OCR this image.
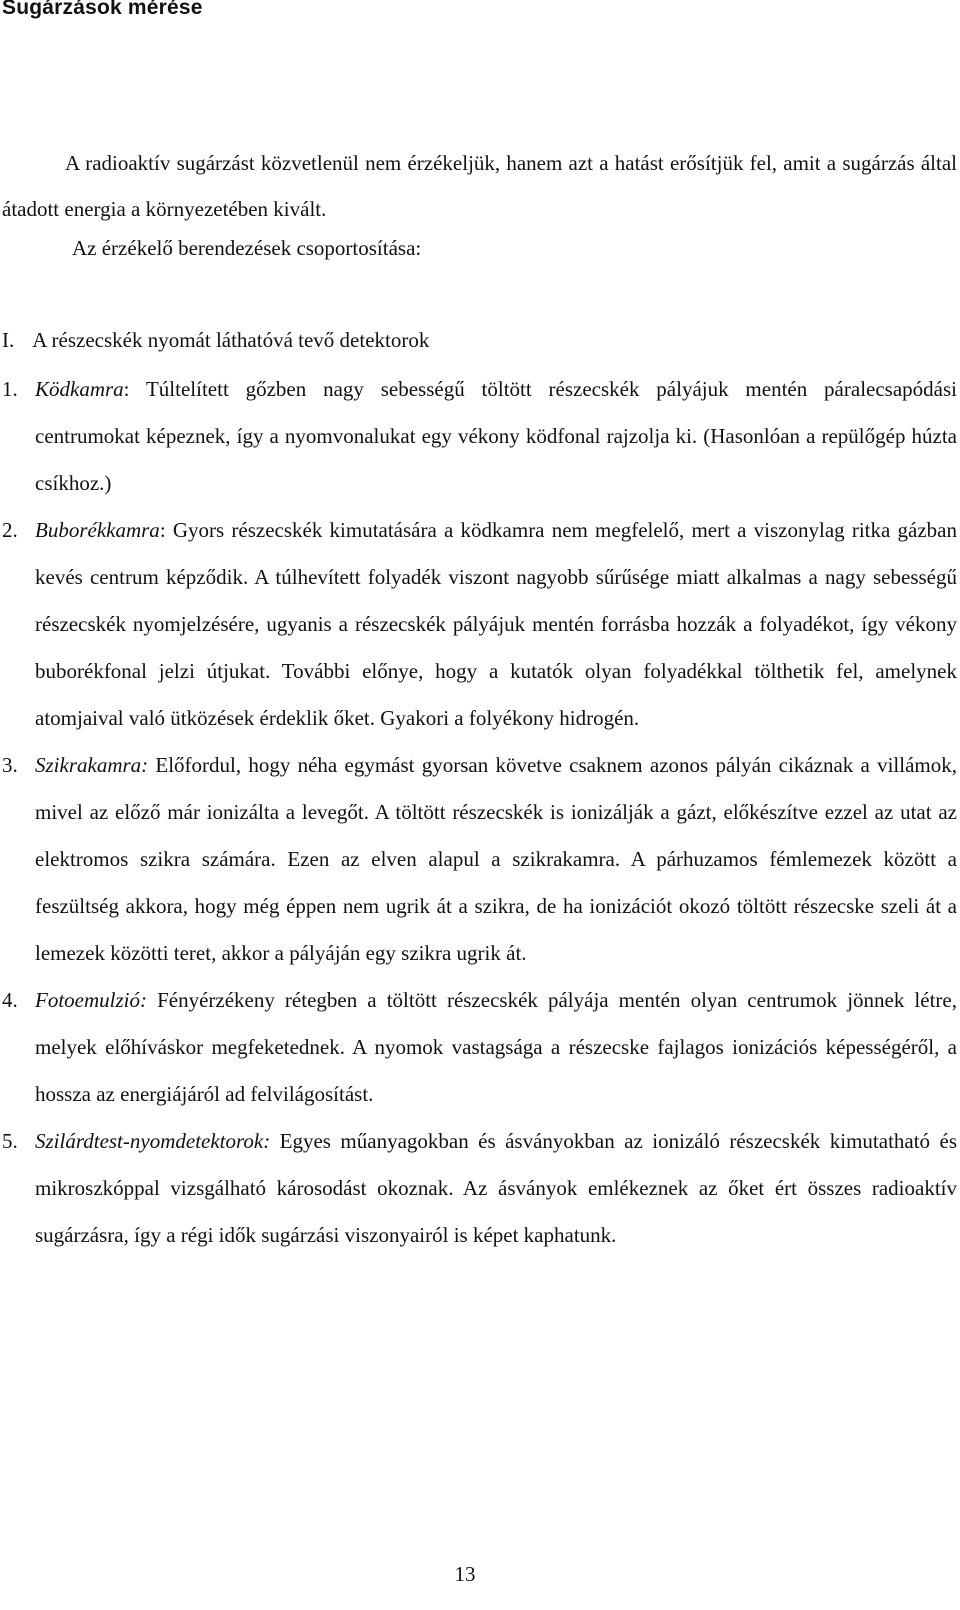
Sugárzások mérése

A radioaktív sugárzást közvetlenül nem érzékeljük, hanem azt a hatást erősítjük fel, amit a sugárzás által átadott energia a környezetében kivált.

Az érzékelő berendezések csoportosítása:

I. A részecskék nyomát láthatóvá tevő detektorok

1. Ködkamra: Túltelített gőzben nagy sebességű töltött részecskék pályájuk mentén páralecsapódási centrumokat képeznek, így a nyomvonalukat egy vékony ködfonal rajzolja ki. (Hasonlóan a repülőgép húzta csíkhoz.)
2. Buborékkamra: Gyors részecskék kimutatására a ködkamra nem megfelelő, mert a viszonylag ritka gázban kevés centrum képződik. A túlhevített folyadék viszont nagyobb sűrűsége miatt alkalmas a nagy sebességű részecskék nyomjelzésére, ugyanis a részecskék pályájuk mentén forrásba hozzák a folyadékot, így vékony buborékfonal jelzi útjukat. További előnye, hogy a kutatók olyan folyadékkal tölthetik fel, amelynek atomjaival való ütközések érdeklik őket. Gyakori a folyékony hidrogén.
3. Szikrakamra: Előfordul, hogy néha egymást gyorsan követve csaknem azonos pályán cikáznak a villámok, mivel az előző már ionizálta a levegőt. A töltött részecskék is ionizálják a gázt, előkészítve ezzel az utat az elektromos szikra számára. Ezen az elven alapul a szikrakamra. A párhuzamos fémlemezek között a feszültség akkora, hogy még éppen nem ugrik át a szikra, de ha ionizációt okozó töltött részecske szeli át a lemezek közötti teret, akkor a pályáján egy szikra ugrik át.
4. Fotoemulzió: Fényérzékeny rétegben a töltött részecskék pályája mentén olyan centrumok jönnek létre, melyek előhíváskor megfeketednek. A nyomok vastagsága a részecske fajlagos ionizációs képességéről, a hossza az energiájáról ad felvilágosítást.
5. Szilárdtest-nyomdetektorok: Egyes műanyagokban és ásványokban az ionizáló részecskék kimutatható és mikroszkóppal vizsgálható károsodást okoznak. Az ásványok emlékeznek az őket ért összes radioaktív sugárzásra, így a régi idők sugárzási viszonyairól is képet kaphatunk.

13
